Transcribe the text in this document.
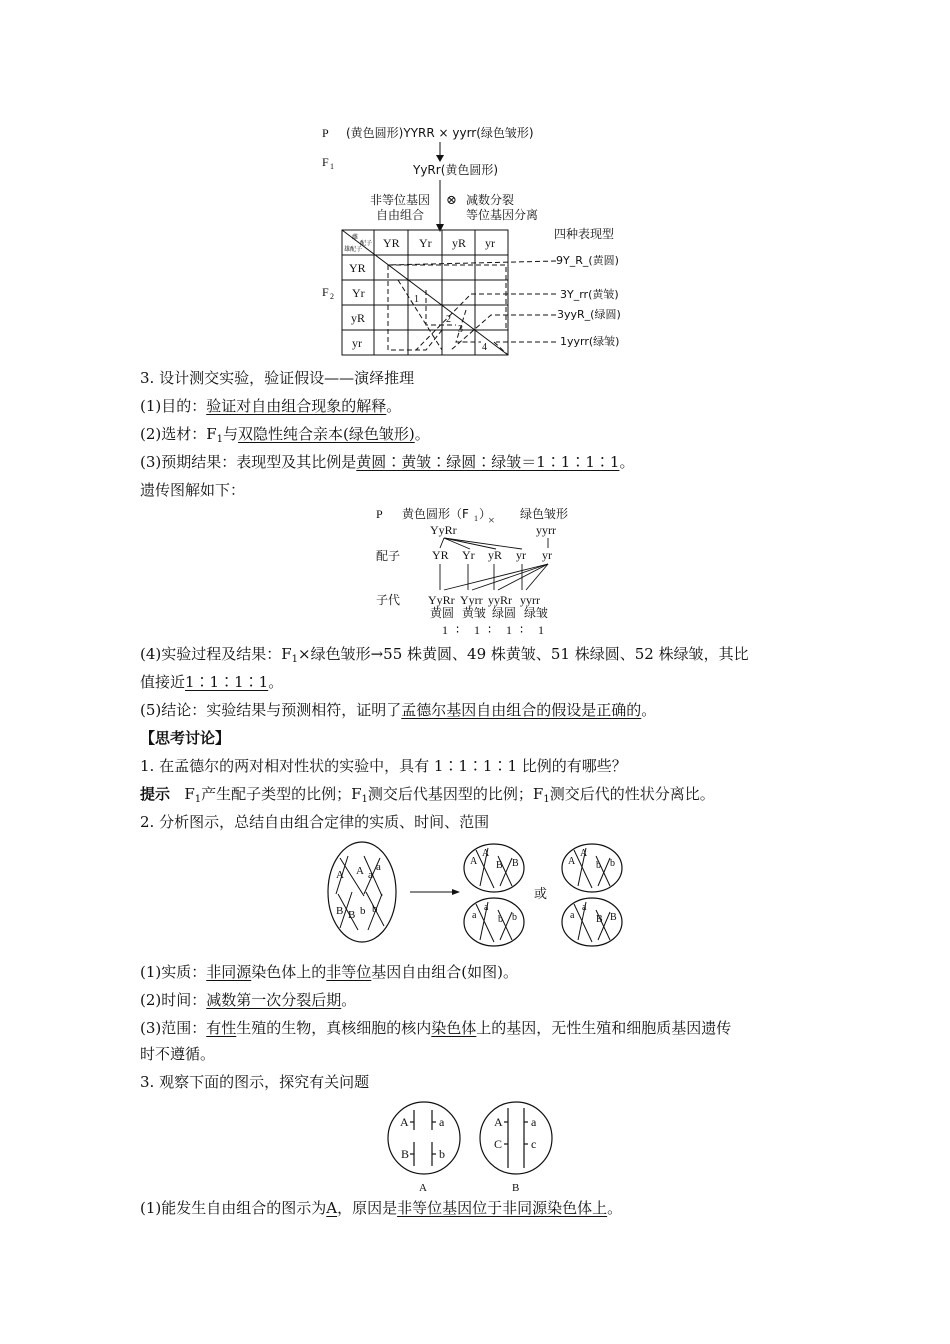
P (黄色圆形)YYRR × yyrr(绿色皱形)
F 1	YyRr(黄色圆形)
非等位基因
自由组合
⊗ 减数分裂
等位基因分离
F 2
雌
配子
雄配子 YR Yr yR yr
YR
Yr
yR
yr
1
2
3
4
四种表现型
9Y_R_(黄圆)
3Y_rr(黄皱)
3yyR_(绿圆)
1yyrr(绿皱)
3. 设计测交实验，验证假设——演绎推理
(1)目的：验证对自由组合现象的解释。
(2)选材：$F_1$与双隐性纯合亲本(绿色皱形)。
(3)预期结果：表现型及其比例是黄圆∶黄皱∶绿圆∶绿皱＝1∶1∶1∶1。
遗传图解如下：
P 黄色圆形（F 1 ）
× 绿色皱形
YyRr	yyrr
配子	YR Yr yR yr yr
子代 YyRr Yyrr yyRr yyrr
黄圆 黄皱 绿圆 绿皱
1 ∶ 1 ∶ 1 ∶ 1
(4)实验过程及结果：$F_1\times$绿色皱形→55 株黄圆、49 株黄皱、51 株绿圆、52 株绿皱，其比
值接近1∶1∶1∶1。
(5)结论：实验结果与预测相符，证明了孟德尔基因自由组合的假设是正确的。
【思考讨论】
1. 在孟德尔的两对相对性状的实验中，具有 1∶1∶1∶1 比例的有哪些？
提示 $F_1$产生配子类型的比例；$F_1$测交后代基因型的比例；$F_1$测交后代的性状分离比。
2. 分析图示，总结自由组合定律的实质、时间、范围
A A a
a
B B b b
A
A
B B
a
a
b b
A
A
b b
a
a
B B
或
(1)实质：非同源染色体上的非等位基因自由组合(如图)。
(2)时间：减数第一次分裂后期。
(3)范围：有性生殖的生物，真核细胞的核内染色体上的基因，无性生殖和细胞质基因遗传
时不遵循。
3. 观察下面的图示，探究有关问题
A
B
a
b
A
A
C
a
c
B
(1)能发生自由组合的图示为A，原因是非等位基因位于非同源染色体上。
